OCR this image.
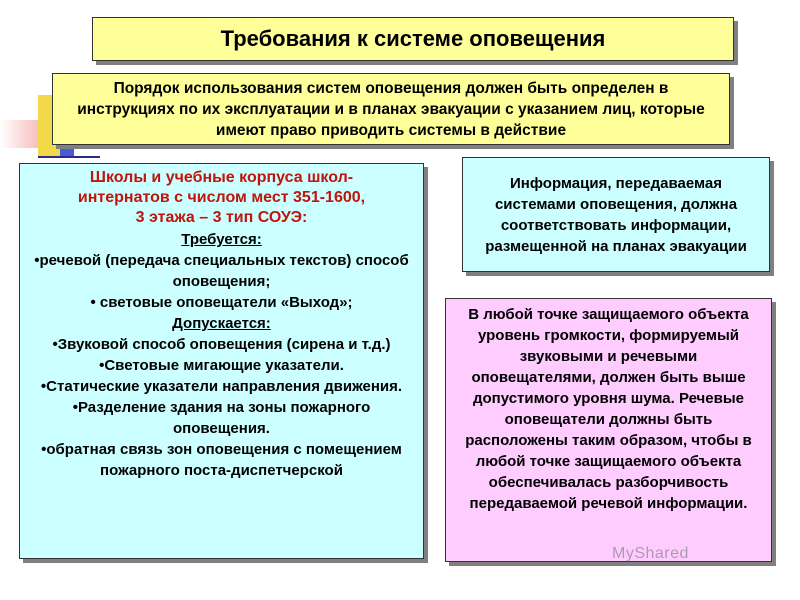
Требования к системе оповещения
Порядок использования систем оповещения должен быть определен в инструкциях по их эксплуатации и в планах эвакуации с указанием лиц, которые имеют право приводить системы в действие
Школы и учебные корпуса школ-
интернатов с числом мест 351-1600,
3 этажа – 3 тип СОУЭ:

Требуется:

•речевой (передача специальных текстов) способ оповещения;

• световые оповещатели «Выход»;

Допускается:

•Звуковой способ оповещения (сирена и т.д.)

•Световые мигающие указатели.

•Статические указатели направления движения.

•Разделение здания на зоны пожарного оповещения.

•обратная связь зон оповещения с помещением пожарного поста-диспетчерской

Информация, передаваемая системами оповещения, должна соответствовать информации, размещенной на планах эвакуации
В любой точке защищаемого объекта уровень громкости, формируемый звуковыми и речевыми оповещателями, должен быть выше допустимого уровня шума. Речевые оповещатели должны быть расположены таким образом, чтобы в любой точке защищаемого объекта обеспечивалась разборчивость передаваемой речевой информации.
MyShared
